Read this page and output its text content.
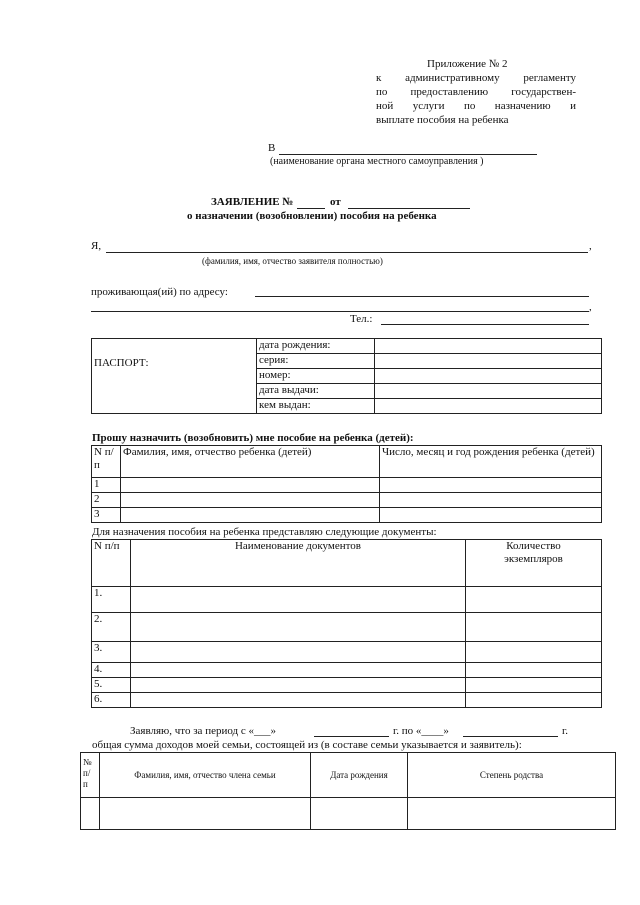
Приложение № 2
к административному регламенту
по предоставлению государствен-
ной услуги по назначению и
выплате пособия на ребенка
В
(наименование органа местного самоуправления )
ЗАЯВЛЕНИЕ №	от
о назначении (возобновлении) пособия на ребенка
Я,	,
(фамилия, имя, отчество заявителя полностью)
проживающая(ий) по адресу:
,
Тел.:
ПАСПОРТ:	дата рождения:	
	серия:	
	номер:	
	дата выдачи:	
	кем выдан:	
Прошу назначить (возобновить) мне пособие на ребенка (детей):
N п/п	Фамилия, имя, отчество ребенка (детей)	Число, месяц и год рождения ребенка (детей)
1		
2		
3		
Для назначения пособия на ребенка представляю следующие документы:
N п/п	Наименование документов	Количество экземпляров
1.		
2.		
3.		
4.		
5.		
6.		
Заявляю, что за период с «___»	г. по «____»	г.
общая сумма доходов моей семьи, состоящей из (в составе семьи указывается и заявитель):
№ п/ п	Фамилия, имя, отчество члена семьи	Дата рождения	Степень родства
